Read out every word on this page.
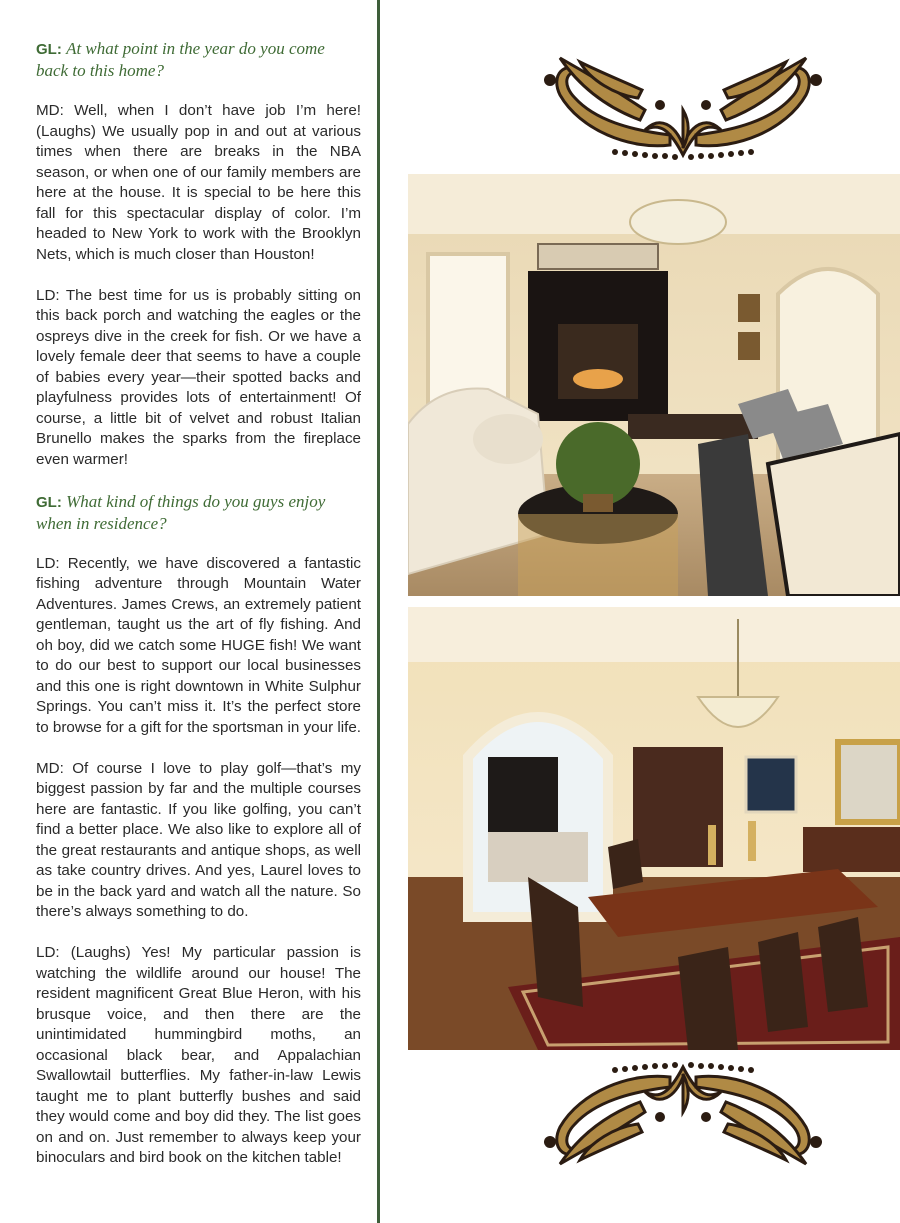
GL: At what point in the year do you come back to this home?

MD: Well, when I don’t have job I’m here! (Laughs) We usually pop in and out at various times when there are breaks in the NBA season, or when one of our family members are here at the house. It is special to be here this fall for this spectacular display of color. I’m headed to New York to work with the Brooklyn Nets, which is much closer than Houston!

LD: The best time for us is probably sitting on this back porch and watching the eagles or the ospreys dive in the creek for fish. Or we have a lovely female deer that seems to have a couple of babies every year—their spotted backs and playfulness provides lots of entertainment! Of course, a little bit of velvet and robust Italian Brunello makes the sparks from the fireplace even warmer!

GL: What kind of things do you guys enjoy when in residence?

LD: Recently, we have discovered a fantastic fishing adventure through Mountain Water Adventures. James Crews, an extremely patient gentleman, taught us the art of fly fishing. And oh boy, did we catch some HUGE fish! We want to do our best to support our local businesses and this one is right downtown in White Sulphur Springs. You can’t miss it. It’s the perfect store to browse for a gift for the sportsman in your life.

MD: Of course I love to play golf—that’s my biggest passion by far and the multiple courses here are fantastic. If you like golfing, you can’t find a better place. We also like to explore all of the great restaurants and antique shops, as well as take country drives. And yes, Laurel loves to be in the back yard and watch all the nature. So there’s always something to do.

LD: (Laughs) Yes! My particular passion is watching the wildlife around our house! The resident magnificent Great Blue Heron, with his brusque voice, and then there are the unintimidated hummingbird moths, an occasional black bear, and Appalachian Swallowtail butterflies. My father-in-law Lewis taught me to plant butterfly bushes and said they would come and boy did they. The list goes on and on. Just remember to always keep your binoculars and bird book on the kitchen table!
